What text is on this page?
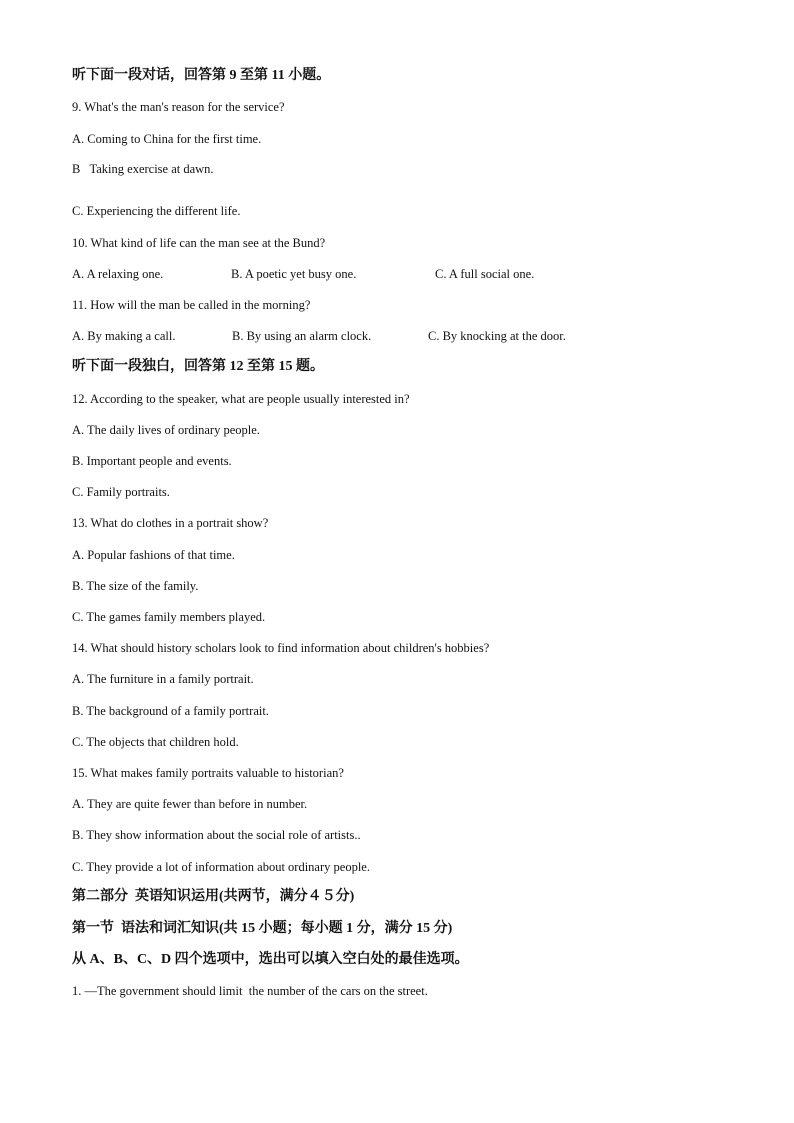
听下面一段对话，回答第 9 至第 11 小题。
9. What's the man's reason for the service?
A. Coming to China for the first time.
B   Taking exercise at dawn.
C. Experiencing the different life.
10. What kind of life can the man see at the Bund?
A. A relaxing one.	B. A poetic yet busy one.	C. A full social one.
11. How will the man be called in the morning?
A. By making a call.	B. By using an alarm clock.	C. By knocking at the door.
听下面一段独白，回答第 12 至第 15 题。
12. According to the speaker, what are people usually interested in?
A. The daily lives of ordinary people.
B. Important people and events.
C. Family portraits.
13. What do clothes in a portrait show?
A. Popular fashions of that time.
B. The size of the family.
C. The games family members played.
14. What should history scholars look to find information about children's hobbies?
A. The furniture in a family portrait.
B. The background of a family portrait.
C. The objects that children hold.
15. What makes family portraits valuable to historian?
A. They are quite fewer than before in number.
B. They show information about the social role of artists..
C. They provide a lot of information about ordinary people.
第二部分  英语知识运用(共两节，满分４５分)
第一节  语法和词汇知识(共 15 小题；每小题 1 分，满分 15 分)
从 A、B、C、D 四个选项中，选出可以填入空白处的最佳选项。
1. —The government should limit  the number of the cars on the street.
